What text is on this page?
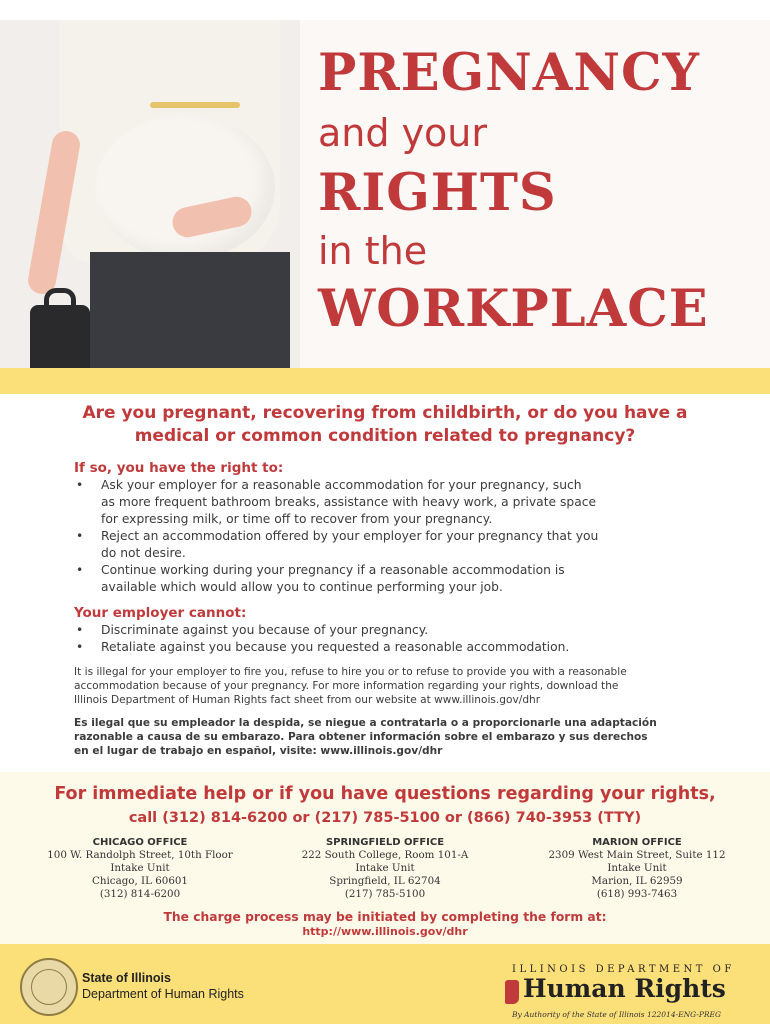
PREGNANCY
and your
RIGHTS
in the
WORKPLACE
Are you pregnant, recovering from childbirth, or do you have a
medical or common condition related to pregnancy?
If so, you have the right to:
• Ask your employer for a reasonable accommodation for your pregnancy, such
as more frequent bathroom breaks, assistance with heavy work, a private space
for expressing milk, or time off to recover from your pregnancy.
• Reject an accommodation offered by your employer for your pregnancy that you
do not desire.
• Continue working during your pregnancy if a reasonable accommodation is
available which would allow you to continue performing your job.
Your employer cannot:
• Discriminate against you because of your pregnancy.
• Retaliate against you because you requested a reasonable accommodation.
It is illegal for your employer to fire you, refuse to hire you or to refuse to provide you with a reasonable
accommodation because of your pregnancy. For more information regarding your rights, download the
Illinois Department of Human Rights fact sheet from our website at www.illinois.gov/dhr
Es ilegal que su empleador la despida, se niegue a contratarla o a proporcionarle una adaptación
razonable a causa de su embarazo. Para obtener información sobre el embarazo y sus derechos
en el lugar de trabajo en español, visite: www.illinois.gov/dhr
For immediate help or if you have questions regarding your rights,
call (312) 814-6200 or (217) 785-5100 or (866) 740-3953 (TTY)
CHICAGO OFFICE
100 W. Randolph Street, 10th Floor
Intake Unit
Chicago, IL 60601
(312) 814-6200
SPRINGFIELD OFFICE
222 South College, Room 101-A
Intake Unit
Springfield, IL 62704
(217) 785-5100
MARION OFFICE
2309 West Main Street, Suite 112
Intake Unit
Marion, IL 62959
(618) 993-7463
The charge process may be initiated by completing the form at:
http://www.illinois.gov/dhr
State of Illinois
Department of Human Rights
ILLINOIS DEPARTMENT OF
Human Rights
By Authority of the State of Illinois 122014-ENG-PREG
